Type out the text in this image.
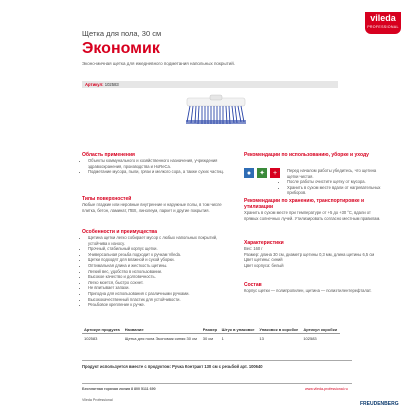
vileda
PROFESSIONAL
Щетка для пола, 30 см
Экономик
Эконо-мичная щетка для ежедневного подметания напольных покрытий.
Артикул: 102583
Область применения
• Объекты коммунального и хозяйственного назначения, учреждения здравоохранения, производства и HoReCa.
• Подметание мусора, пыли, грязи и мелкого сора, а также сухих частиц.
Типы поверхностей
Любые гладкие или неровные внутренние и наружные полы, в том числе плитка, бетон, ламинат, ПВХ, линолеум, паркет и другие покрытия.
Особенности и преимущества
• Щетина щетки легко собирает мусор с любых напольных покрытий, устойчива к износу.
• Прочный, стабильный корпус щетки.
• Универсальная резьба подходит к ручкам Vileda.
• Щетки подходят для влажной и сухой уборки.
• Оптимальная длина и жесткость щетины.
• Легкий вес, удобство в использовании.
• Высокое качество и долговечность.
• Легко моется, быстро сохнет.
• Не впитывает запахи.
• Пригодна для использования с различными ручками.
• Высококачественный пластик для устойчивости.
• Резьбовое крепление к ручке.
Рекомендации по использованию, уборке и уходу
●	✦	+	• Перед началом работы убедитесь, что щетина щетки чистая.
• После работы очистите щетку от мусора.
• Хранить в сухом месте вдали от нагревательных приборов.
Рекомендации по хранению, транспортировке и утилизации
Хранить в сухом месте при температуре от +5 до +30 °С, вдали от прямых солнечных лучей. Утилизировать согласно местным правилам.
Характеристики
Вес: 160 г
Размер: длина 30 см, диаметр щетины 0,3 мм, длина щетины 6,5 см
Цвет щетины: синий
Цвет корпуса: белый
Состав
Корпус щетки — полипропилен, щетина — полиэтилентерефталат.
Артикул продукта	Название	Размер	Штук в упаковке	Упаковок в коробке	Артикул коробки
102583	Щетка для пола Экономик синяя 30 см	30 см	1	13	102583
Продукт используется вместе с продуктом: Ручка Контракт 130 см с резьбой арт. 100640
Бесплатная горячая линия 8 800 5111 690
Vileda Professional
www.vileda-professional.ru
FREUDENBERG
